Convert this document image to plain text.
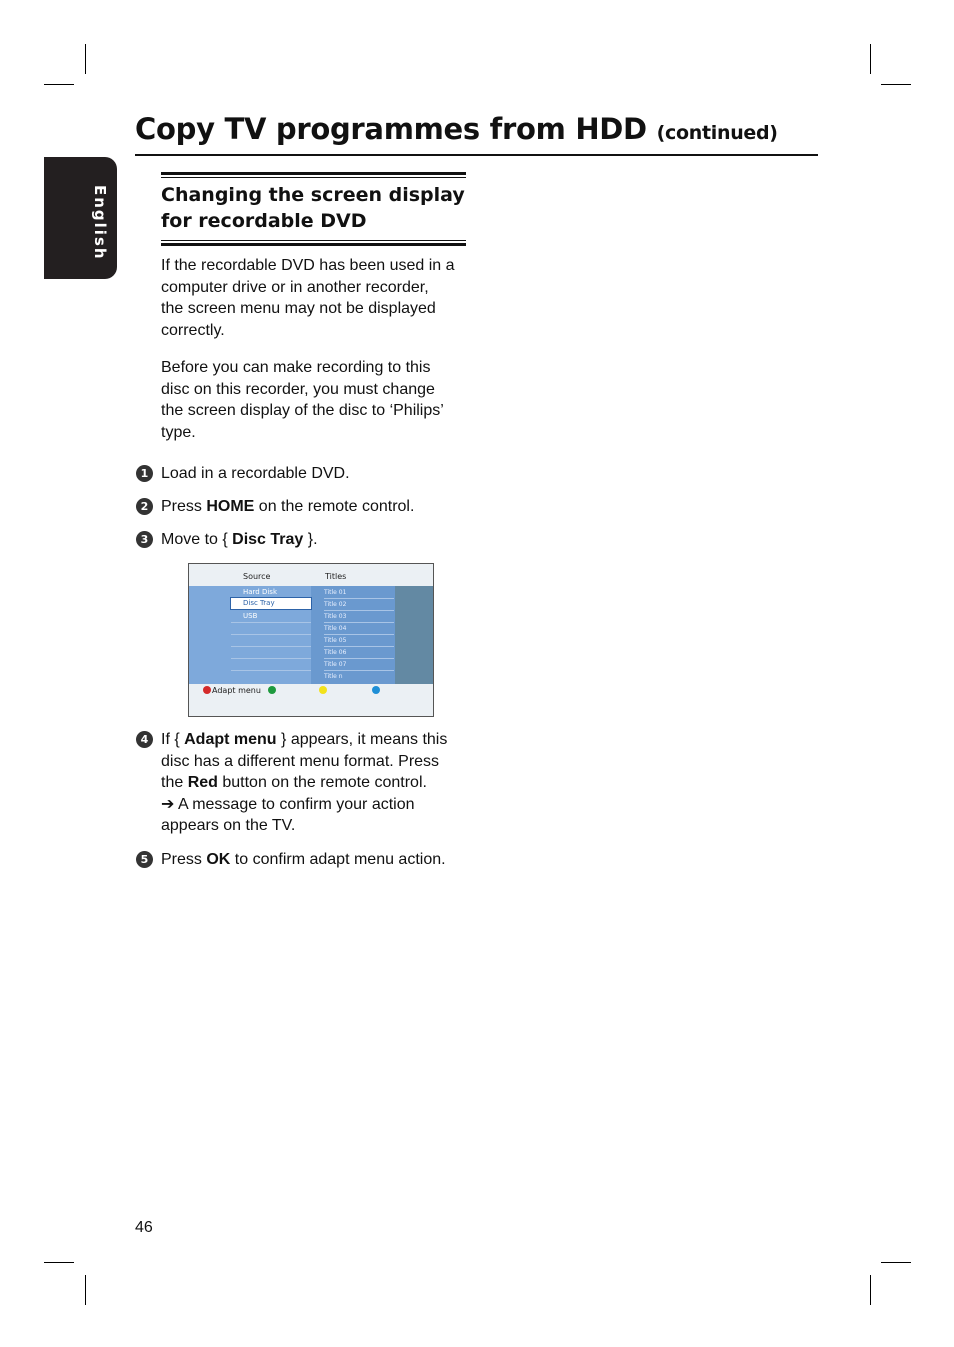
Copy TV programmes from HDD (continued)
English	Changing the screen display
for recordable DVD

If the recordable DVD has been used in a
computer drive or in another recorder,
the screen menu may not be displayed
correctly.

Before you can make recording to this
disc on this recorder, you must change
the screen display of the disc to ‘Philips’
type.

1 Load in a recordable DVD.
2 Press HOME on the remote control.
3 Move to { Disc Tray }.
Source	Titles
Hard Disk
Disc Tray
USB
Title 01
Title 02
Title 03
Title 04
Title 05
Title 06
Title 07
Title n
Adapt menu
4 If { Adapt menu } appears, it means this
disc has a different menu format. Press
the Red button on the remote control.
➔ A message to confirm your action
appears on the TV.
5 Press OK to confirm adapt menu action.
46
